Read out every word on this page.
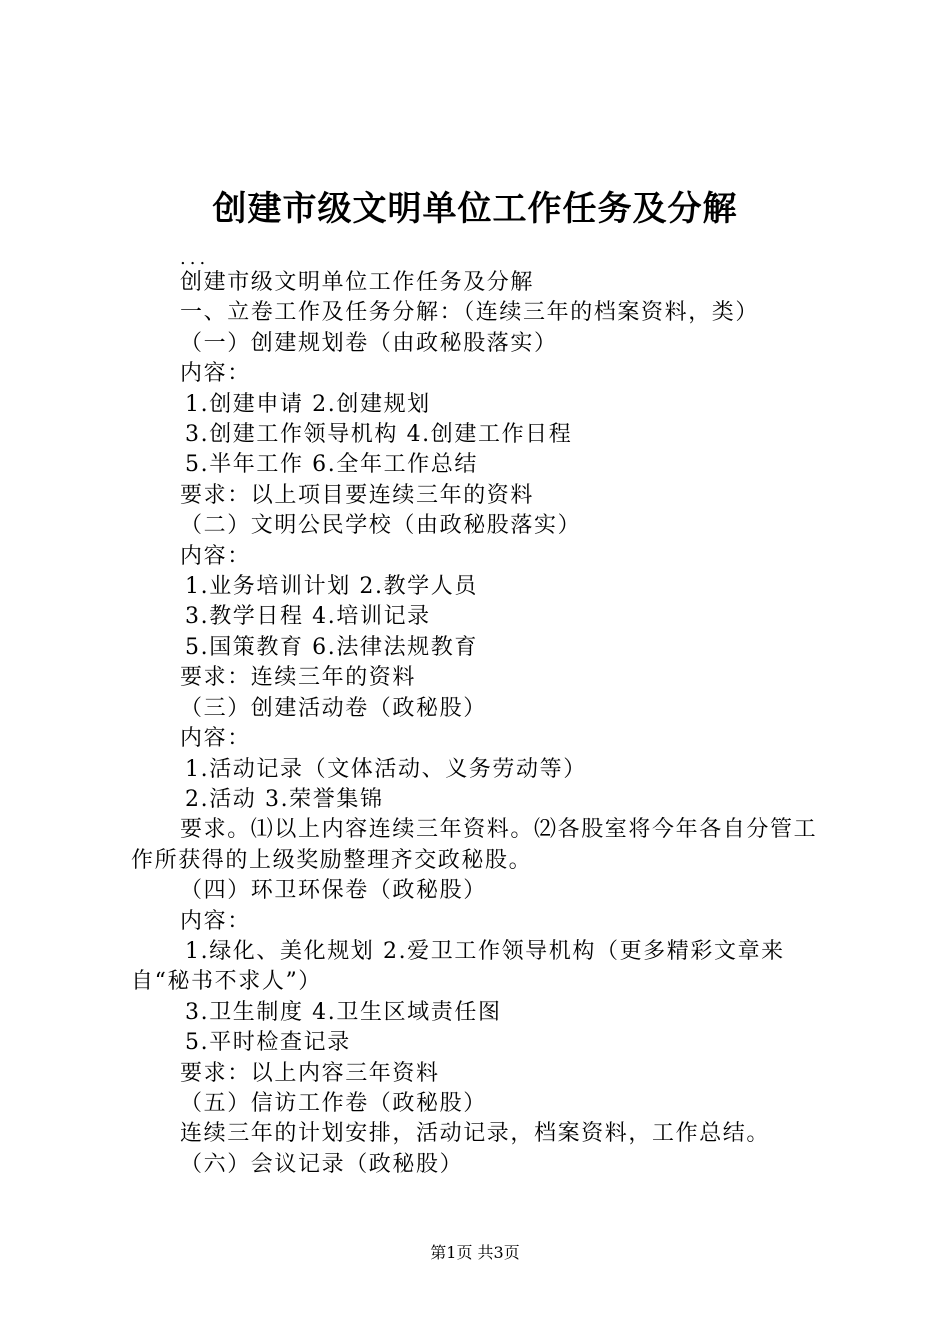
创建市级文明单位工作任务及分解
...
创建市级文明单位工作任务及分解
一、立卷工作及任务分解：（连续三年的档案资料，类）
（一）创建规划卷（由政秘股落实）
内容：
1.创建申请 2.创建规划
3.创建工作领导机构 4.创建工作日程
5.半年工作 6.全年工作总结
要求：以上项目要连续三年的资料
（二）文明公民学校（由政秘股落实）
内容：
1.业务培训计划 2.教学人员
3.教学日程 4.培训记录
5.国策教育 6.法律法规教育
要求：连续三年的资料
（三）创建活动卷（政秘股）
内容：
1.活动记录（文体活动、义务劳动等）
2.活动 3.荣誉集锦
要求。⑴以上内容连续三年资料。⑵各股室将今年各自分管工作所获得的上级奖励整理齐交政秘股。
（四）环卫环保卷（政秘股）
内容：
1.绿化、美化规划 2.爱卫工作领导机构（更多精彩文章来自“秘书不求人”）
3.卫生制度 4.卫生区域责任图
5.平时检查记录
要求：以上内容三年资料
（五）信访工作卷（政秘股）
连续三年的计划安排，活动记录，档案资料，工作总结。
（六）会议记录（政秘股）
第1页 共3页
